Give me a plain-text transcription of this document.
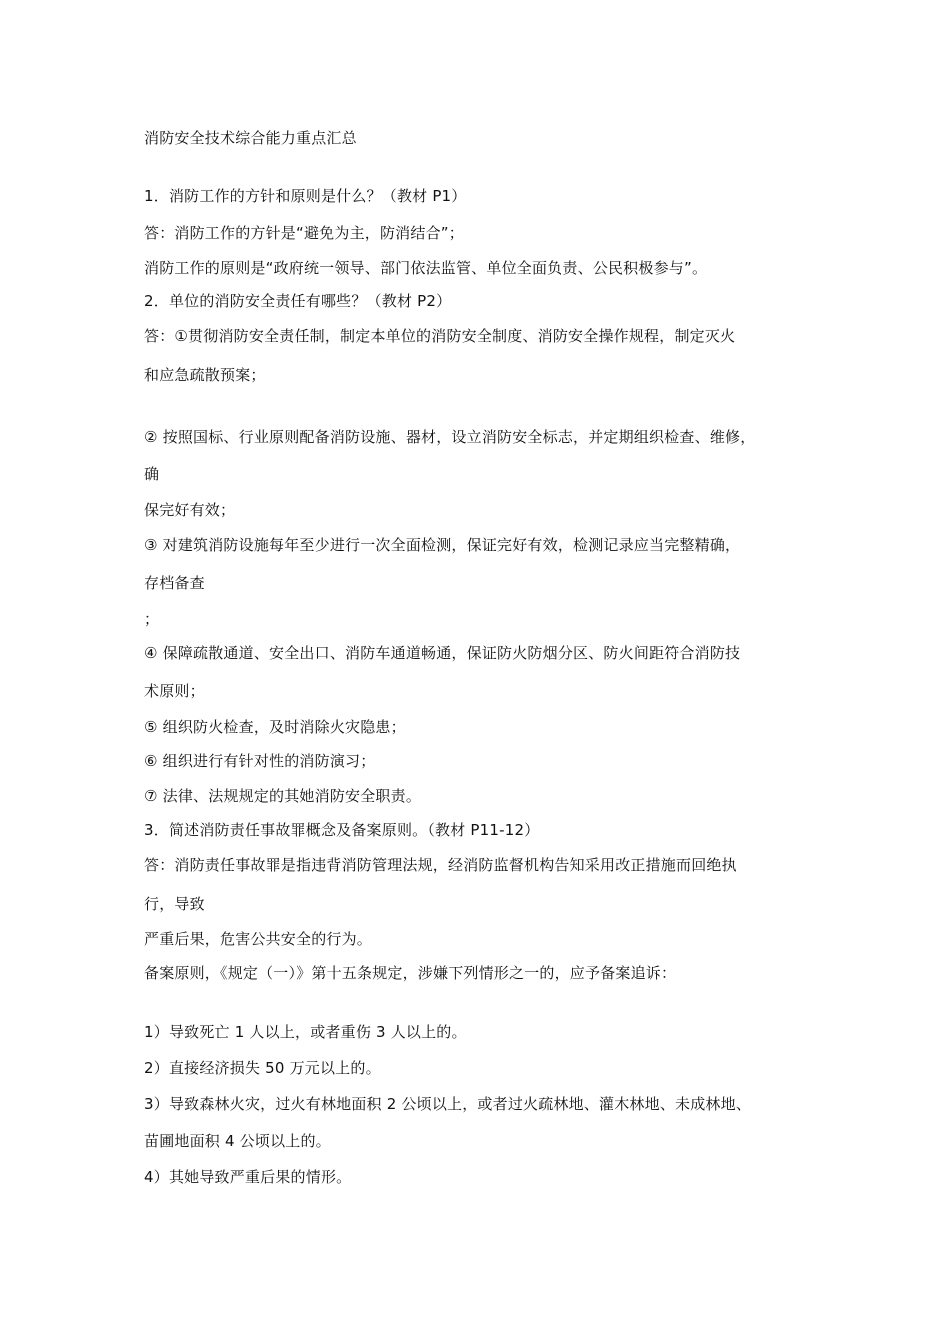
消防安全技术综合能力重点汇总
1．消防工作的方针和原则是什么？（教材 P1）
答：消防工作的方针是“避免为主，防消结合”；
消防工作的原则是“政府统一领导、部门依法监管、单位全面负责、公民积极参与”。
2．单位的消防安全责任有哪些？（教材 P2）
答：①贯彻消防安全责任制，制定本单位的消防安全制度、消防安全操作规程，制定灭火
和应急疏散预案；
② 按照国标、行业原则配备消防设施、器材，设立消防安全标志，并定期组织检查、维修，
确
保完好有效；
③ 对建筑消防设施每年至少进行一次全面检测，保证完好有效，检测记录应当完整精确，
存档备查
；
④ 保障疏散通道、安全出口、消防车通道畅通，保证防火防烟分区、防火间距符合消防技
术原则；
⑤ 组织防火检查，及时消除火灾隐患；
⑥ 组织进行有针对性的消防演习；
⑦ 法律、法规规定的其她消防安全职责。
3．简述消防责任事故罪概念及备案原则。（教材 P11-12）
答：消防责任事故罪是指违背消防管理法规，经消防监督机构告知采用改正措施而回绝执
行，导致
严重后果，危害公共安全的行为。
备案原则，《规定（一）》第十五条规定，涉嫌下列情形之一的，应予备案追诉：
1）导致死亡 1 人以上，或者重伤 3 人以上的。
2）直接经济损失 50 万元以上的。
3）导致森林火灾，过火有林地面积 2 公顷以上，或者过火疏林地、灌木林地、未成林地、
苗圃地面积 4 公顷以上的。
4）其她导致严重后果的情形。
